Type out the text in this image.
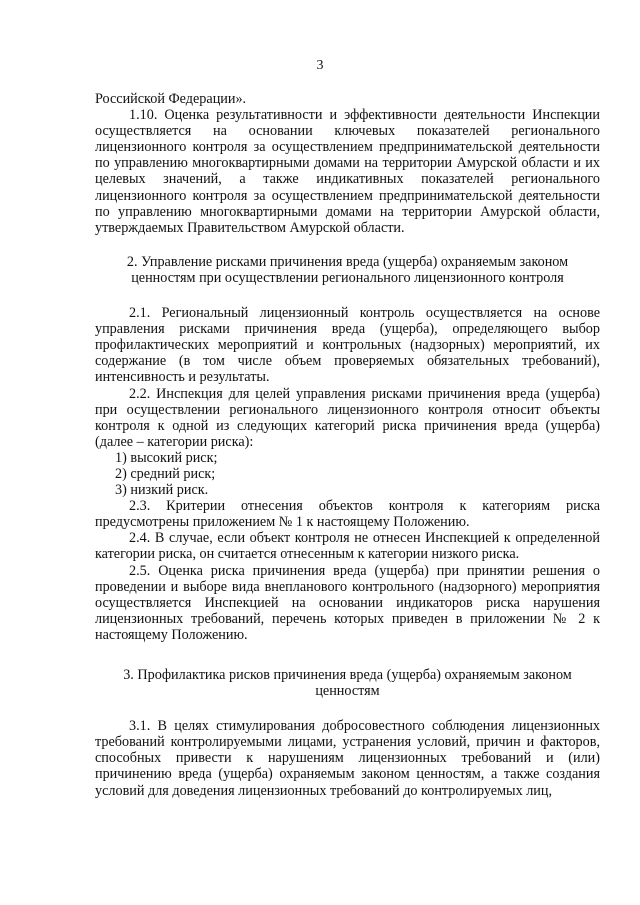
3

Российской Федерации».

1.10. Оценка результативности и эффективности деятельности Инспекции осуществляется на основании ключевых показателей регионального лицензионного контроля за осуществлением предпринимательской деятельности по управлению многоквартирными домами на территории Амурской области и их целевых значений, а также индикативных показателей регионального лицензионного контроля за осуществлением предпринимательской деятельности по управлению многоквартирными домами на территории Амурской области, утверждаемых Правительством Амурской области.

2. Управление рисками причинения вреда (ущерба) охраняемым законом
ценностям при осуществлении регионального лицензионного контроля

2.1. Региональный лицензионный контроль осуществляется на основе управления рисками причинения вреда (ущерба), определяющего выбор профилактических мероприятий и контрольных (надзорных) мероприятий, их содержание (в том числе объем проверяемых обязательных требований), интенсивность и результаты.

2.2. Инспекция для целей управления рисками причинения вреда (ущерба) при осуществлении регионального лицензионного контроля относит объекты контроля к одной из следующих категорий риска причинения вреда (ущерба) (далее – категории риска):

1) высокий риск;

2) средний риск;

3) низкий риск.

2.3. Критерии отнесения объектов контроля к категориям риска предусмотрены приложением № 1 к настоящему Положению.

2.4. В случае, если объект контроля не отнесен Инспекцией к определенной категории риска, он считается отнесенным к категории низкого риска.

2.5. Оценка риска причинения вреда (ущерба) при принятии решения о проведении и выборе вида внепланового контрольного (надзорного) мероприятия осуществляется Инспекцией на основании индикаторов риска нарушения лицензионных требований, перечень которых приведен в приложении № 2 к настоящему Положению.

3. Профилактика рисков причинения вреда (ущерба) охраняемым законом
ценностям

3.1. В целях стимулирования добросовестного соблюдения лицензионных требований контролируемыми лицами, устранения условий, причин и факторов, способных привести к нарушениям лицензионных требований и (или) причинению вреда (ущерба) охраняемым законом ценностям, а также создания условий для доведения лицензионных требований до контролируемых лиц,
